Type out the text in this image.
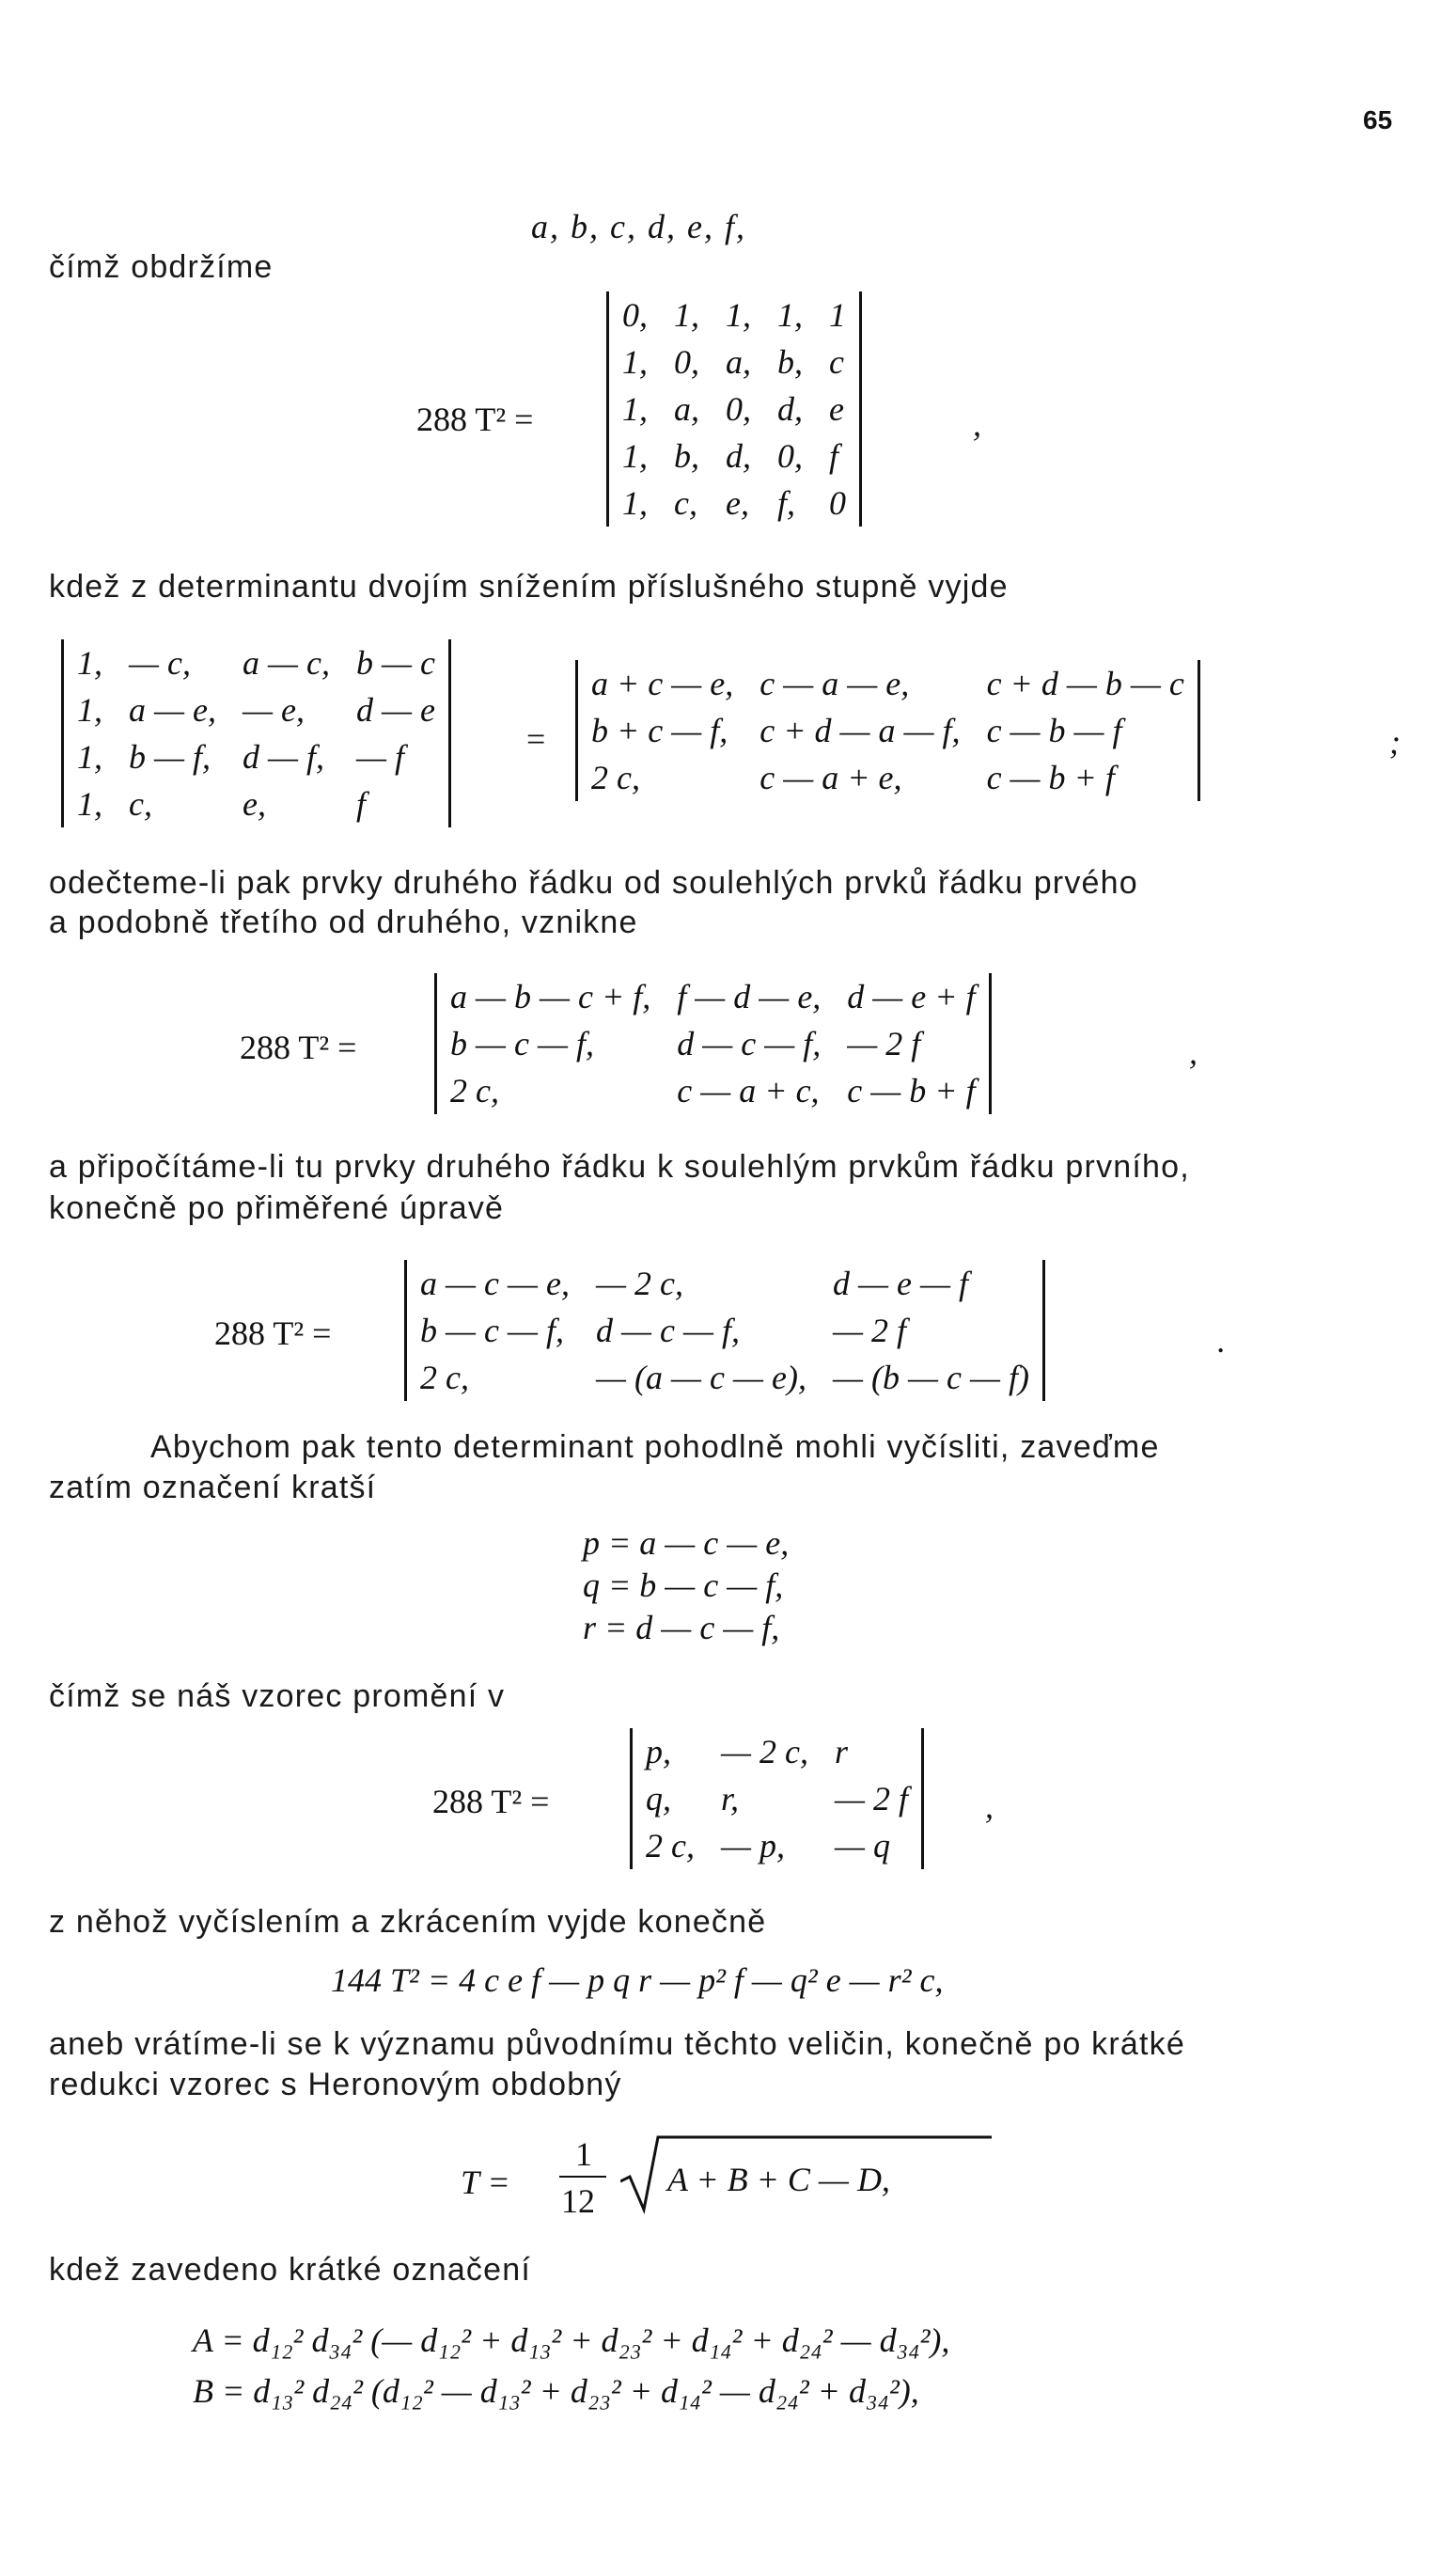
65
a, b, c, d, e, f,
čímž obdržíme
288 T² =
0,	1,	1,	1,	1
1,	0,	a,	b,	c
1,	a,	0,	d,	e
1,	b,	d,	0,	f
1,	c,	e,	f,	0
,
kdež z determinantu dvojím snížením příslušného stupně vyjde
1,	— c,	a — c,	b — c
1,	a — e,	— e,	d — e
1,	b — f,	d — f,	— f
1,	c,	e,	f
=
a + c — e,	c — a — e,	c + d — b — c
b + c — f,	c + d — a — f,	c — b — f
2 c,	c — a + e,	c — b + f
;
odečteme-li pak prvky druhého řádku od soulehlých prvků řádku prvého
a podobně třetího od druhého, vznikne
288 T² =
a — b — c + f,	f — d — e,	d — e + f
b — c — f,	d — c — f,	— 2 f
2 c,	c — a + c,	c — b + f
,
a připočítáme-li tu prvky druhého řádku k soulehlým prvkům řádku prvního,
konečně po přiměřené úpravě
288 T² =
a — c — e,	— 2 c,	d — e — f
b — c — f,	d — c — f,	— 2 f
2 c,	— (a — c — e),	— (b — c — f)
.
Abychom pak tento determinant pohodlně mohli vyčísliti, zaveďme
zatím označení kratší
p = a — c — e,
q = b — c — f,
r = d — c — f,
čímž se náš vzorec promění v
288 T² =
p,	— 2 c,	r
q,	r,	— 2 f
2 c,	— p,	— q
,
z něhož vyčíslením a zkrácením vyjde konečně
144 T² = 4 c e f — p q r — p² f — q² e — r² c,
aneb vrátíme-li se k významu původnímu těchto veličin, konečně po krátké
redukci vzorec s Heronovým obdobný
T =
1
12
A + B + C — D,
kdež zavedeno krátké označení
A = d₁₂² d₃₄² (— d₁₂² + d₁₃² + d₂₃² + d₁₄² + d₂₄² — d₃₄²),
B = d₁₃² d₂₄² (d₁₂² — d₁₃² + d₂₃² + d₁₄² — d₂₄² + d₃₄²),
